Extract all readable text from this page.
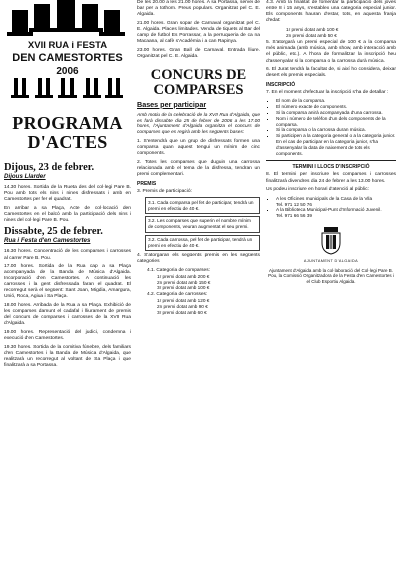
XVII RUA i FESTA
DEN CAMESTORTES
2006
PROGRAMA D'ACTES
Dijous, 23 de febrer.
Dijous Llarder

14.30 hores. Sortida de la Rueta des del col·legi Pare B. Pou amb tots els nins i nines disfressats i amb en Camestortes per fer el quadrat.

En arribar a sa Plaça, Acte de col·locació den Camestortes en el balcó amb la participació dels nins i nines del col·legi Pare B. Pou.

Dissabte, 25 de febrer.
Rua i Festa d'en Camestortes

16.30 hores. Concentració de les comparses i carrosses al carrer Pare B. Pou.

17.00 hores. Sortida de la Rua cap a sa Plaça acompanyada de la Banda de Música d'Algaida. Incorporació d'en Camestortes. A continuació les carrosses i la gent disfressada faran el quadrat. El recorregut serà el següent: Sant Joan, Migdia, Amargura, Unió, Roca, Agiua i Sa Plaça.

18.00 hores. Arribada de la Rua a sa Plaça. Exhibició de les comparses damunt el cadafal i lliurament de premis del concurs de comparses i carrosses de la XVII Rua d'Algaida.

19.00 hores. Representació del judici, condemna i execució d'en Camestortes.

19.30 hores. Sortida de la comitiva fúnebre, dels familiars d'en Camestortes i la Banda de Música d'Algaida, que realitzarà un recorregut al voltant de Sa Plaça i que finalitzarà a sa Portassa.

De les 20.00 a les 21.00 hores. A sa Portassa, servei de bar per a tothom. Preus populars. Organitzat pel C. E. Algaida.

21.00 hores. Gran sopar de Carnaval organitzat pel C. E. Algaida. Places limitades. Venda de tiquets al Bar del camp de futbol Es Porrassar, a la perruqueria de ca na Macaana, al cafè s'Acadèmia i a can Rapinya.

23.00 hores. Gran Ball de Carnaval. Entrada lliure. Organitzat pel C. E. Algaida.

CONCURS DE COMPARSES
Bases per participar

Amb motiu de la celebració de la XVII Rua d'Algaida, que es farà dissabte dia 25 de febrer de 2006 a les 17.00 hores, l'Ajuntament d'Algaida organitza el concurs de comparses que es regirà amb les següents bases:

1. S'entendrà que un grup de disfressats formen una comparsa quan aquest tengui un mínim de cinc components.

2. Totes les comparses que duguin una carrossa relacionada amb el tema de la disfressa, tendran un premi complementari.

PREMIS

3. Premis de participació:

3.1. Cada comparsa pel fet de participar, tendrà un premi en efectiu de 40 €.
3.2. Les comparses que superin el nombre mínim de components, veuran augmentat el seu premi.
3.2. Cada carrossa, pel fet de participar, tendrà un premi en efectiu de 40 €.

4. S'atorgaran els següents premis en les següents categories

4.1. Categoria de comparses:
1r premi dotat amb 200 €
2n premi dotat amb 150 €
3r premi dotat amb 100 €
4.2. Categoria de carrosses:
1r premi dotat amb 120 €
2n premi dotat amb 90 €
3r premi dotat amb 60 €

4.3. Amb la finalitat de fomentar la participació dels joves entre 8 i 15 anys, s'establex una categoria especial junior. Els components hauran d'estar, tots, en aquesta franja d'edat:

1r premi dotat amb 100 €
2n premi dotat amb 50 €

5. S'atorgarà un premi especial de 100 € a la comparsa més animada (amb música, amb show, amb interacció amb el públic, etc.). A l'hora de formalitzar la inscripció heu d'assenyalar si la comparsa o la carrossa durà música.

6. El Jurat tendrà la facultat de, si així ho considera, deixar desert els premis especials.

INSCRIPCIÓ

7. En el moment d'efectuar la inscripció s'ha de detallar :

▪ El nom de la comparsa.
▪ El número exacte de components.
▪ Si la comparsa anirà acompanyada d'una carrossa.
▪ Nom i número de telèfon d'un dels components de la comparsa.
▪ Si la comparsa o la carrossa duran música.
▪ Si participen a la categoria general o a la categoria junior. En el cas de participar en la categoria junior, s'ha d'assenyalar la data de naixement de tots els components.
TERMINI I LLOCS D'INSCRIPCIÓ

8. El termini per inscriure les comparses i carrosses finalitzarà divendres dia 24 de febrer a les 13.00 hores.

Us podeu inscriure en horari d'atenció al públic:

▪ A les Oficines municipals de la Casa de la Vila
Tel. 971 12 50 76
▪ A la Biblioteca Municipal-Punt d'Informació Juvenil.
Tel. 971 66 56 39
AJUNTAMENT D'ALGAIDA

Ajuntament d'Algaida amb la col·laboració del Col·legi Pare B. Pou, la Comissió Organitzadora de la Festa d'en Camestortes i el Club Esportiu Algaida.
